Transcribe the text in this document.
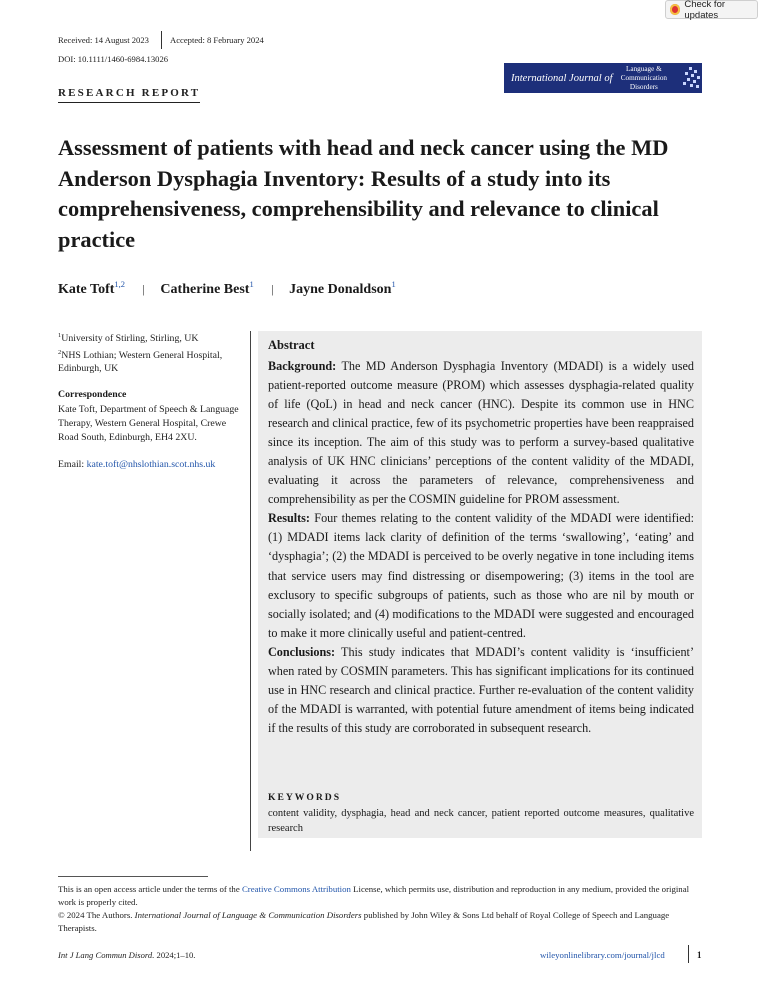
Check for updates
Received: 14 August 2023 Accepted: 8 February 2024
DOI: 10.1111/1460-6984.13026
RESEARCH REPORT
International Journal of
Language & Communication Disorders
Assessment of patients with head and neck cancer using the MD Anderson Dysphagia Inventory: Results of a study into its comprehensiveness, comprehensibility and relevance to clinical practice
Kate Toft$^{1,2}$ | Catherine Best$^1$ | Jayne Donaldson$^1$
$^1$University of Stirling, Stirling, UK
$^2$NHS Lothian; Western General Hospital, Edinburgh, UK
Correspondence
Kate Toft, Department of Speech & Language Therapy, Western General Hospital, Crewe Road South, Edinburgh, EH4 2XU.
Email: kate.toft@nhslothian.scot.nhs.uk
Abstract

Background: The MD Anderson Dysphagia Inventory (MDADI) is a widely used patient-reported outcome measure (PROM) which assesses dysphagia-related quality of life (QoL) in head and neck cancer (HNC). Despite its common use in HNC research and clinical practice, few of its psychometric properties have been reappraised since its inception. The aim of this study was to perform a survey-based qualitative analysis of UK HNC clinicians’ perceptions of the content validity of the MDADI, evaluating it across the parameters of relevance, comprehensiveness and comprehensibility as per the COSMIN guideline for PROM assessment.

Results: Four themes relating to the content validity of the MDADI were identified: (1) MDADI items lack clarity of definition of the terms ‘swallowing’, ‘eating’ and ‘dysphagia’; (2) the MDADI is perceived to be overly negative in tone including items that service users may find distressing or disempowering; (3) items in the tool are exclusory to specific subgroups of patients, such as those who are nil by mouth or socially isolated; and (4) modifications to the MDADI were suggested and encouraged to make it more clinically useful and patient-centred.

Conclusions: This study indicates that MDADI’s content validity is ‘insufficient’ when rated by COSMIN parameters. This has significant implications for its continued use in HNC research and clinical practice. Further re-evaluation of the content validity of the MDADI is warranted, with potential future amendment of items being indicated if the results of this study are corroborated in subsequent research.

KEYWORDS
content validity, dysphagia, head and neck cancer, patient reported outcome measures, qualitative research
This is an open access article under the terms of the Creative Commons Attribution License, which permits use, distribution and reproduction in any medium, provided the original work is properly cited.
© 2024 The Authors. International Journal of Language & Communication Disorders published by John Wiley & Sons Ltd behalf of Royal College of Speech and Language Therapists.
Int J Lang Commun Disord. 2024;1–10.	wileyonlinelibrary.com/journal/jlcd	1
